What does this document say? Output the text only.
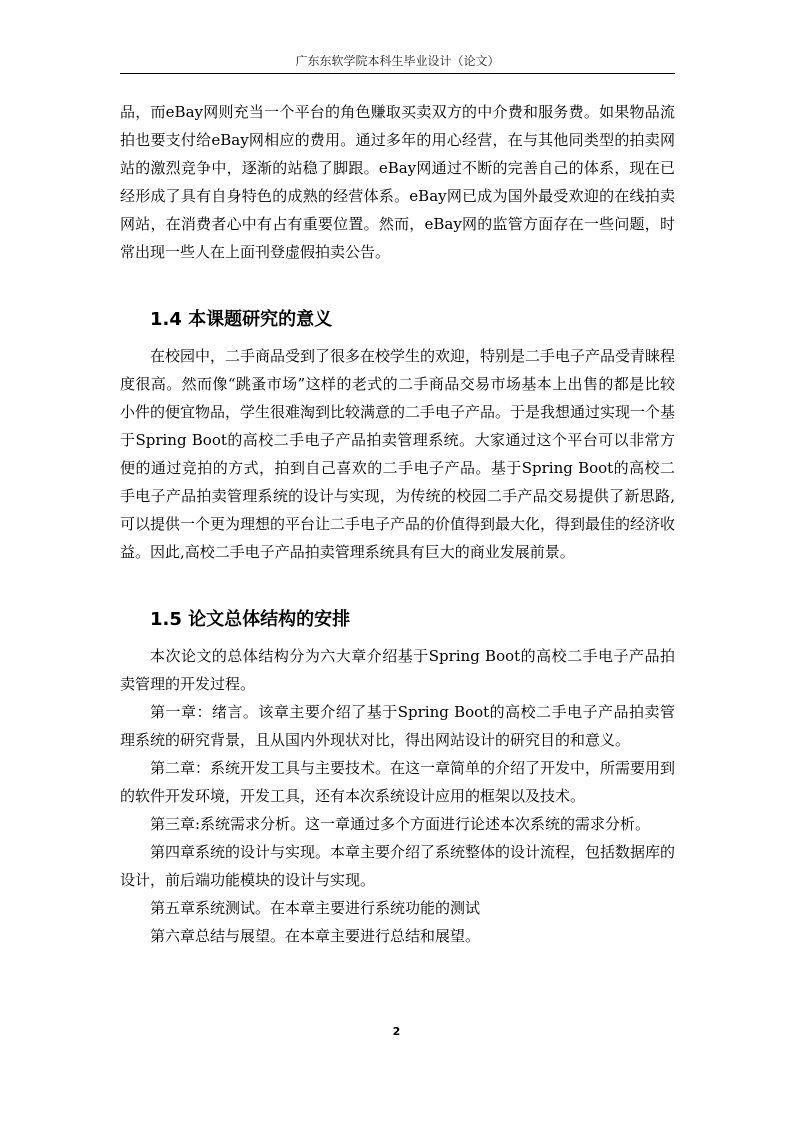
广东东软学院本科生毕业设计（论文）

品，而eBay网则充当一个平台的角色赚取买卖双方的中介费和服务费。如果物品流拍也要支付给eBay网相应的费用。通过多年的用心经营，在与其他同类型的拍卖网站的激烈竞争中，逐渐的站稳了脚跟。eBay网通过不断的完善自己的体系，现在已经形成了具有自身特色的成熟的经营体系。eBay网已成为国外最受欢迎的在线拍卖网站，在消费者心中有占有重要位置。然而，eBay网的监管方面存在一些问题，时常出现一些人在上面刊登虚假拍卖公告。

1.4 本课题研究的意义

在校园中，二手商品受到了很多在校学生的欢迎，特别是二手电子产品受青睐程度很高。然而像“跳蚤市场”这样的老式的二手商品交易市场基本上出售的都是比较小件的便宜物品，学生很难淘到比较满意的二手电子产品。于是我想通过实现一个基于Spring Boot的高校二手电子产品拍卖管理系统。大家通过这个平台可以非常方便的通过竞拍的方式，拍到自己喜欢的二手电子产品。基于Spring Boot的高校二手电子产品拍卖管理系统的设计与实现，为传统的校园二手产品交易提供了新思路,可以提供一个更为理想的平台让二手电子产品的价值得到最大化，得到最佳的经济收益。因此,高校二手电子产品拍卖管理系统具有巨大的商业发展前景。

1.5 论文总体结构的安排

本次论文的总体结构分为六大章介绍基于Spring Boot的高校二手电子产品拍卖管理的开发过程。

第一章：绪言。该章主要介绍了基于Spring Boot的高校二手电子产品拍卖管理系统的研究背景，且从国内外现状对比，得出网站设计的研究目的和意义。

第二章：系统开发工具与主要技术。在这一章简单的介绍了开发中，所需要用到的软件开发环境，开发工具，还有本次系统设计应用的框架以及技术。

第三章:系统需求分析。这一章通过多个方面进行论述本次系统的需求分析。

第四章系统的设计与实现。本章主要介绍了系统整体的设计流程，包括数据库的设计，前后端功能模块的设计与实现。

第五章系统测试。在本章主要进行系统功能的测试

第六章总结与展望。在本章主要进行总结和展望。

2
